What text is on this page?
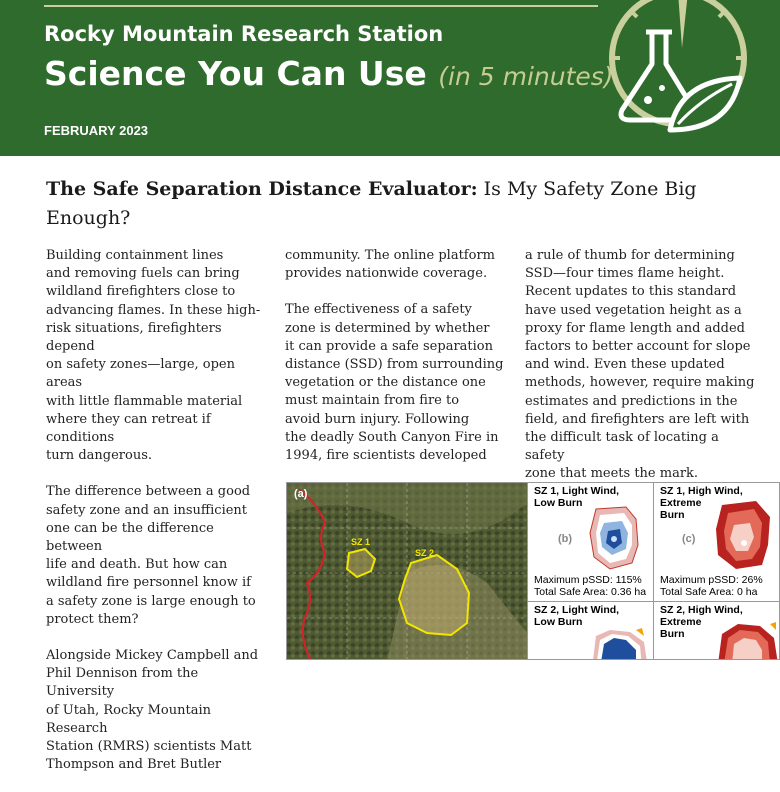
Rocky Mountain Research Station
Science You Can Use (in 5 minutes)
FEBRUARY 2023
The Safe Separation Distance Evaluator: Is My Safety Zone Big Enough?

Building containment lines
and removing fuels can bring
wildland firefighters close to
advancing flames. In these high-
risk situations, firefighters depend
on safety zones—large, open areas
with little flammable material
where they can retreat if conditions
turn dangerous.

The difference between a good
safety zone and an insufficient
one can be the difference between
life and death. But how can
wildland fire personnel know if
a safety zone is large enough to
protect them?

Alongside Mickey Campbell and
Phil Dennison from the University
of Utah, Rocky Mountain Research
Station (RMRS) scientists Matt
Thompson and Bret Butler

community. The online platform
provides nationwide coverage.

The effectiveness of a safety
zone is determined by whether
it can provide a safe separation
distance (SSD) from surrounding
vegetation or the distance one
must maintain from fire to
avoid burn injury. Following
the deadly South Canyon Fire in
1994, fire scientists developed

a rule of thumb for determining
SSD—four times flame height.
Recent updates to this standard
have used vegetation height as a
proxy for flame length and added
factors to better account for slope
and wind. Even these updated
methods, however, require making
estimates and predictions in the
field, and firefighters are left with
the difficult task of locating a safety
zone that meets the mark.

(a)
SZ 1
SZ 2
SZ 1, Light Wind,
Low Burn
(b)
Maximum pSSD: 115%
Total Safe Area: 0.36 ha
SZ 1, High Wind,
Extreme
Burn
(c)
Maximum pSSD: 26%
Total Safe Area: 0 ha
SZ 2, Light Wind,
Low Burn
SZ 2, High Wind,
Extreme
Burn
